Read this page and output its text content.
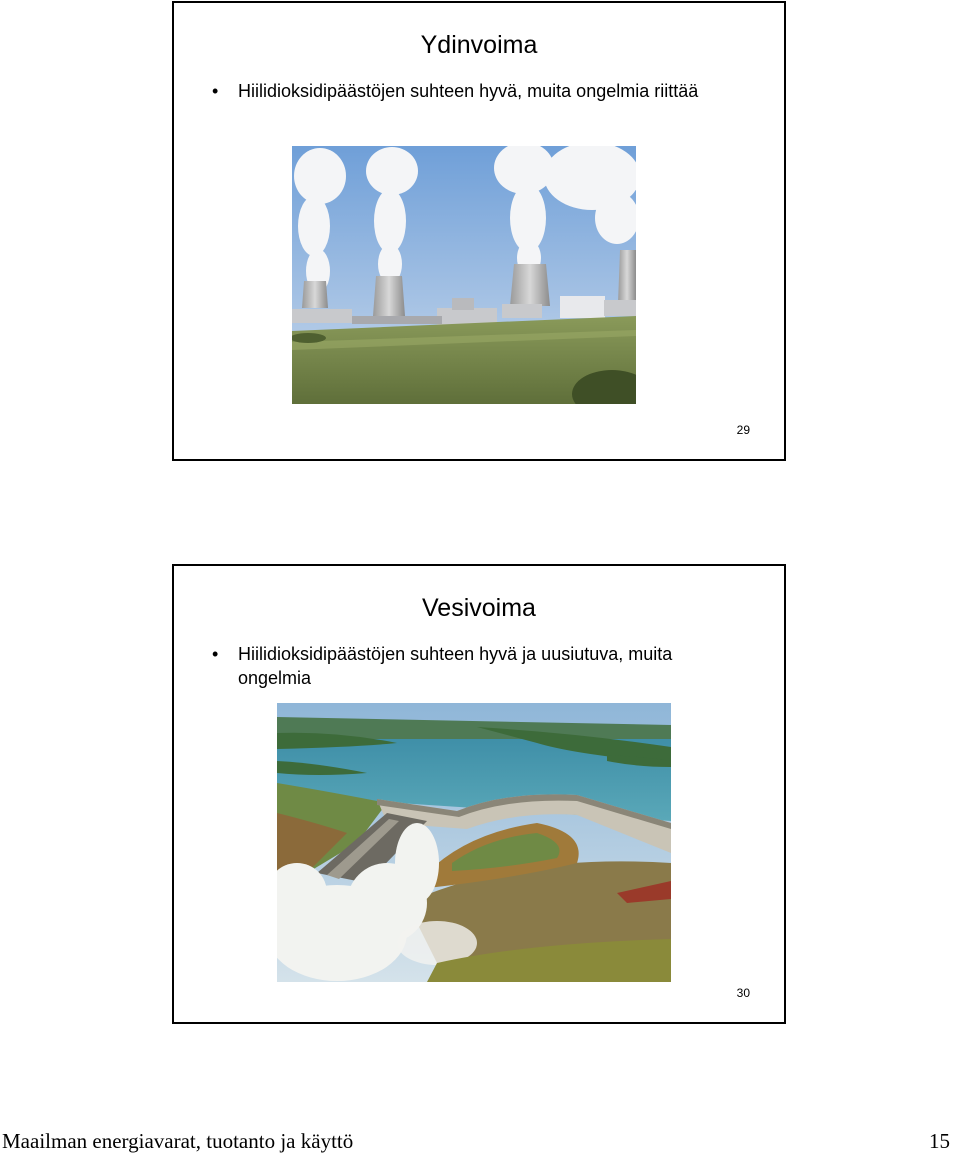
Ydinvoima
•	Hiilidioksidipäästöjen suhteen hyvä, muita ongelmia riittää
29
Vesivoima
•	Hiilidioksidipäästöjen suhteen hyvä ja uusiutuva, muita ongelmia
30
Maailman energiavarat, tuotanto ja käyttö	15
